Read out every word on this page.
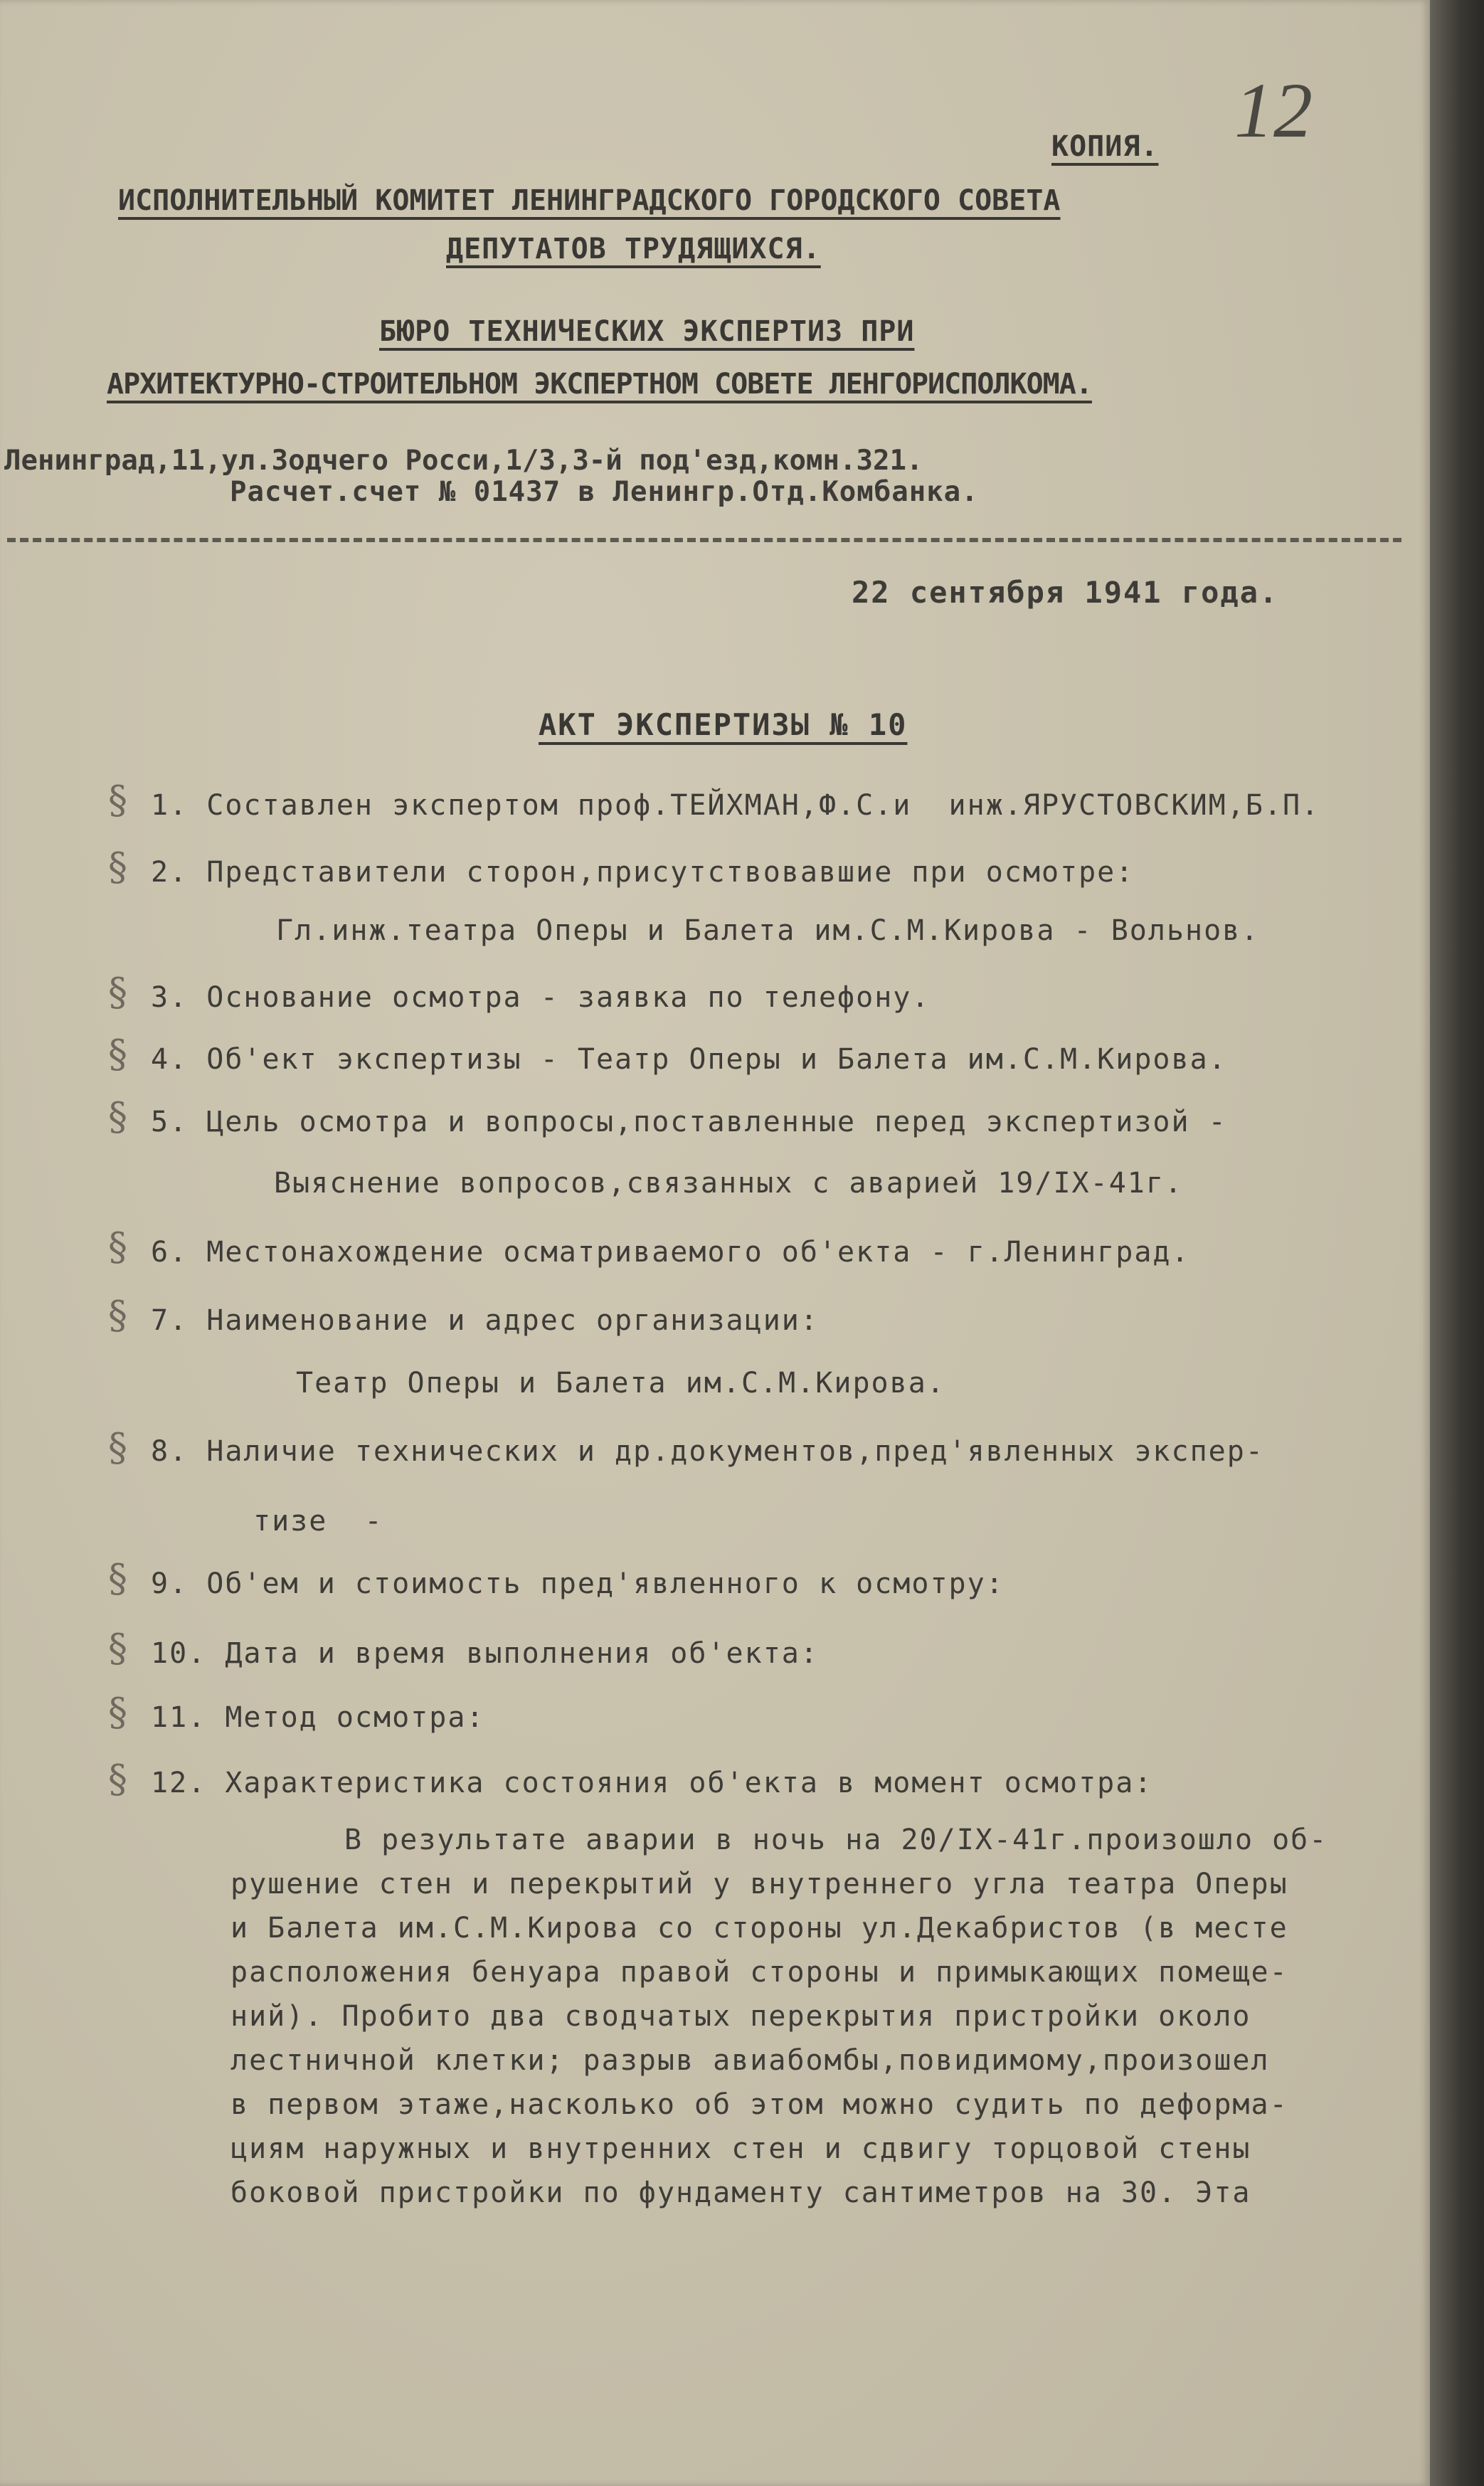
КОПИЯ. 12
ИСПОЛНИТЕЛЬНЫЙ КОМИТЕТ ЛЕНИНГРАДСКОГО ГОРОДСКОГО СОВЕТА
ДЕПУТАТОВ ТРУДЯЩИХСЯ.
БЮРО ТЕХНИЧЕСКИХ ЭКСПЕРТИЗ ПРИ
АРХИТЕКТУРНО-СТРОИТЕЛЬНОМ ЭКСПЕРТНОМ СОВЕТЕ ЛЕНГОРИСПОЛКОМА.
Ленинград,11,ул.Зодчего Росси,1/3,3-й под'езд,комн.321.
Расчет.счет № 01437 в Ленингр.Отд.Комбанка.
22 сентября 1941 года.
АКТ ЭКСПЕРТИЗЫ № 10
§
§
§
§
§
§
§
§
§
§
§
§
1. Составлен экспертом проф.ТЕЙХМАН,Ф.С.и  инж.ЯРУСТОВСКИМ,Б.П.
2. Представители сторон,присутствовавшие при осмотре:
Гл.инж.театра Оперы и Балета им.С.М.Кирова - Вольнов.
3. Основание осмотра - заявка по телефону.
4. Об'ект экспертизы - Театр Оперы и Балета им.С.М.Кирова.
5. Цель осмотра и вопросы,поставленные перед экспертизой -
Выяснение вопросов,связанных с аварией 19/IX-41г.
6. Местонахождение осматриваемого об'екта - г.Ленинград.
7. Наименование и адрес организации:
Театр Оперы и Балета им.С.М.Кирова.
8. Наличие технических и др.документов,пред'явленных экспер-
тизе  -
9. Об'ем и стоимость пред'явленного к осмотру:
10. Дата и время выполнения об'екта:
11. Метод осмотра:
12. Характеристика состояния об'екта в момент осмотра:
В результате аварии в ночь на 20/IX-41г.произошло об-
рушение стен и перекрытий у внутреннего угла театра Оперы
и Балета им.С.М.Кирова со стороны ул.Декабристов (в месте
расположения бенуара правой стороны и примыкающих помеще-
ний). Пробито два сводчатых перекрытия пристройки около
лестничной клетки; разрыв авиабомбы,повидимому,произошел
в первом этаже,насколько об этом можно судить по деформа-
циям наружных и внутренних стен и сдвигу торцовой стены
боковой пристройки по фундаменту сантиметров на 30. Эта
